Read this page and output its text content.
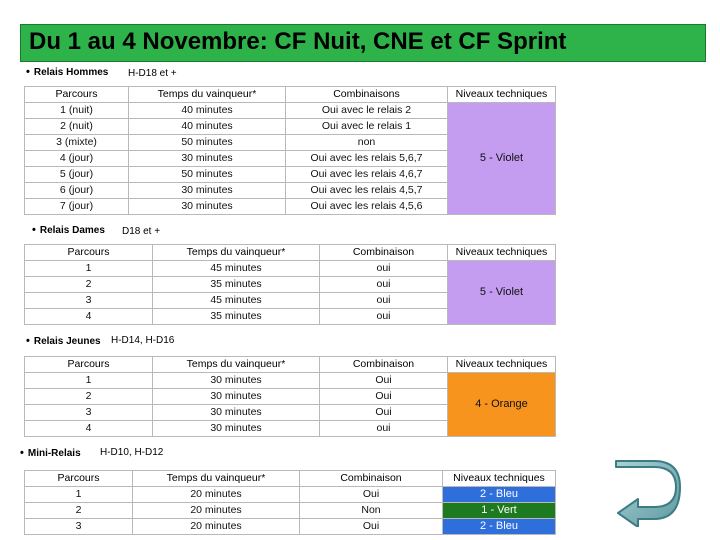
Du 1 au 4 Novembre: CF Nuit, CNE et CF Sprint
• Relais Hommes H-D18 et +
Parcours	Temps du vainqueur*	Combinaisons	Niveaux techniques
1 (nuit)	40 minutes	Oui avec le relais 2	5 - Violet
2 (nuit)	40 minutes	Oui avec le relais 1	
3 (mixte)	50 minutes	non	
4 (jour)	30 minutes	Oui avec les relais 5,6,7	
5 (jour)	50 minutes	Oui avec les relais 4,6,7	
6 (jour)	30 minutes	Oui avec les relais 4,5,7	
7 (jour)	30 minutes	Oui avec les relais 4,5,6	
• Relais Dames D18 et +
Parcours	Temps du vainqueur*	Combinaison	Niveaux techniques
1	45 minutes	oui	5 - Violet
2	35 minutes	oui	
3	45 minutes	oui	
4	35 minutes	oui	
• Relais Jeunes H-D14, H-D16
Parcours	Temps du vainqueur*	Combinaison	Niveaux techniques
1	30 minutes	Oui	4 - Orange
2	30 minutes	Oui	
3	30 minutes	Oui	
4	30 minutes	oui	
• Mini-Relais H-D10, H-D12
Parcours	Temps du vainqueur*	Combinaison	Niveaux techniques
1	20 minutes	Oui	2 - Bleu
2	20 minutes	Non	1 - Vert
3	20 minutes	Oui	2 - Bleu
